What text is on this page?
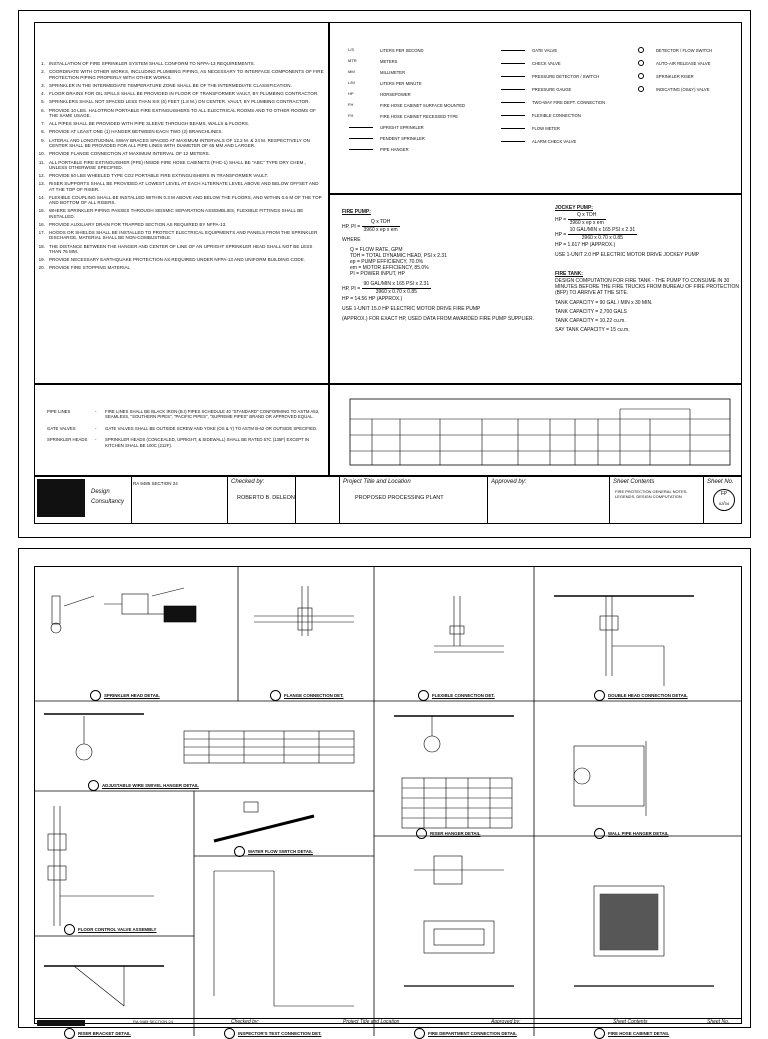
1. INSTALLATION OF FIRE SPRINKLER SYSTEM SHALL CONFORM TO NFPA-13 REQUIREMENTS.
2. COORDINATE WITH OTHER WORKS, INCLUDING PLUMBING PIPING, AS NECESSARY TO INTERFACE COMPONENTS OF FIRE PROTECTION PIPING PROPERLY WITH OTHER WORKS.
3. SPRINKLER IN THE INTERMEDIATE TEMPERATURE ZONE SHALL BE OF THE INTERMEDIATE CLASSIFICATION.
4. FLOOR DRAINS FOR OIL SPILLS SHALL BE PROVIDED IN FLOOR OF TRANSFORMER VAULT, BY PLUMBING CONTRACTOR.
5. SPRINKLERS SHALL NOT SPACED LESS THAN SIX (6) FEET (1.8 M.) ON CENTER. VAULT, BY PLUMBING CONTRACTOR.
6. PROVIDE 10 LBS. HALOTRON PORTABLE FIRE EXTINGUISHERS TO ALL ELECTRICAL ROOMS AND TO OTHER ROOMS OF THE SAME USAGE.
7. ALL PIPES SHALL BE PROVIDED WITH PIPE SLEEVE THROUGH BEAMS, WALLS & FLOORS.
8. PROVIDE AT LEAST ONE (1) HANGER BETWEEN EACH TWO (2) BRANCHLINES.
9. LATERAL AND LONGITUDINAL SWAY BRACES SPACED AT MAXIMUM INTERVALS OF 12.2 M. & 24 M. RESPECTIVELY ON CENTER SHALL BE PROVIDED FOR ALL PIPE LINES WITH DIAMETER OF 65 MM AND LARGER.
10. PROVIDE FLANGE CONNECTION AT MAXIMUM INTERVAL OF 12 METERS.
11. ALL PORTABLE FIRE EXTINGUISHER (PFE) INSIDE FIRE HOSE CABINETS (FHC-1) SHALL BE "ABC" TYPE DRY CHEM., UNLESS OTHERWISE SPECIFIED.
12. PROVIDE 50 LBS WHEELED TYPE CO2 PORTABLE FIRE EXTINGUISHERS IN TRANSFORMER VAULT.
13. RISER SUPPORTS SHALL BE PROVIDED AT LOWEST LEVEL AT EACH ALTERNATE LEVEL ABOVE AND BELOW OFFSET AND AT THE TOP OF RISER.
14. FLEXIBLE COUPLING SHALL BE INSTALLED WITHIN 0.3 M ABOVE AND BELOW THE FLOORS, AND WITHIN 0.6 M OF THE TOP AND BOTTOM OF ALL RISERS.
15. WHERE SPRINKLER PIPING PASSES THROUGH SEISMIC SEPARATION ASSEMBLIES, FLEXIBLE FITTINGS SHALL BE INSTALLED.
16. PROVIDE AUXILIARY DRAIN FOR TRAPPED SECTION AS REQUIRED BY NFPA-13.
17. HOODS OR SHIELDS SHALL BE INSTALLED TO PROTECT ELECTRICAL EQUIPMENTS AND PANELS FROM THE SPRINKLER DISCHARGE, MATERIAL SHALL BE NON-COMBUSTIBLE.
18. THE DISTANCE BETWEEN THE HANGER AND CENTER OF LINE OF AN UPRIGHT SPRINKLER HEAD SHALL NOT BE LESS THAN 76 MM.
19. PROVIDE NECESSARY EARTHQUAKE PROTECTION AS REQUIRED UNDER NFPA-13 AND UNIFORM BUILDING CODE.
20. PROVIDE FIRE STOPPING MATERIAL
L/S	LITERS PER SECOND
MTR	METERS
MM	MILLIMETER
L/M	LITERS PER MINUTE
HP	HORSEPOWER
FH	FIRE HOSE CABINET SURFACE MOUNTED
FH	FIRE HOSE CABINET RECESSED TYPE
UPRIGHT SPRINKLER
PENDENT SPRINKLER
PIPE HANGER
GATE VALVE
CHECK VALVE
PRESSURE DETECTOR / SWITCH
PRESSURE GAUGE
TWO-WAY FIRE DEPT. CONNECTION
FLEXIBLE CONNECTION
FLOW METER
ALARM CHECK VALVE
DETECTOR / FLOW SWITCH
AUTO-AIR RELEASE VALVE
SPRINKLER RISER
INDICATING (OS&Y) VALVE
FIRE PUMP:
HP, PI = $\frac{\text{Q x TDH}}{\text{3960 x ep x em}}$
WHERE
Q = FLOW RATE, GPM
TDH = TOTAL DYNAMIC HEAD, PSI x 2.31
ep = PUMP EFFICIENCY, 70.0%
em = MOTOR EFFICIENCY, 85.0%
PI = POWER INPUT, HP
HP, PI = $\frac{\text{90 GAL/MIN x 165 PSI x 2.31}}{3960 x 0.70 x 0.85}$
HP = 14.56 HP (APPROX.)
USE 1-UNIT 15.0 HP ELECTRIC MOTOR DRIVE FIRE PUMP
(APPROX.) FOR EXACT HP, USED DATA FROM AWARDED FIRE PUMP SUPPLIER.
JOCKEY PUMP:
HP = $\frac{\text{Q x TDH}}{\text{3960 x ep x em}}$
HP = $\frac{\text{10 GAL/MIN x 165 PSI x 2.31}}{3960 x 0.70 x 0.85}$
HP = 1.617 HP (APPROX.)
USE 1-UNIT 2.0 HP ELECTRIC MOTOR DRIVE JOCKEY PUMP
FIRE TANK:
DESIGN COMPUTATION FOR FIRE TANK - THE PUMP TO CONSUME IN 30 MINUTES BEFORE THE FIRE TRUCKS FROM BUREAU OF FIRE PROTECTION (BFP) TO ARRIVE AT THE SITE.
TANK CAPACITY = 90 GAL / MIN x 30 MIN.
TANK CAPACITY = 2,700 GALS
TANK CAPACITY = 10.22 cu.m.
SAY TANK CAPACITY = 15 cu.m.
PIPE LINES	-	FIRE LINES SHALL BE BLACK IRON (B.I) PIPES SCHEDULE 40 "STANDARD" CONFORMING TO ASTM A53, SEAMLESS, "SOUTHERN PIPES", "PACIFIC PIPES", "SUPREME PIPES" BRAND OR APPROVED EQUAL.
GATE VALVES	-	GATE VALVES SHALL BE OUTSIDE SCREW AND YOKE (OS & Y) TO ASTM B-62 OR OUTSIDE SPECIFIED.
SPRINKLER HEADS	-	SPRINKLER HEADS (CONCEALED, UPRIGHT, & SIDEWALL) SHALL BE RATED 57C (135F) EXCEPT IN KITCHEN SHALL BE 100C (212F).
Design
Consultancy
RA 9485 SECTION 24	Checked by:
ROBERTO B. DELEON
Project Title and Location
PROPOSED PROCESSING PLANT
Approved by:	Sheet Contents
FIRE PROTECTION GENERAL NOTES, LEGENDS, DESIGN COMPUTATION
Sheet No.
FP
02/04
SPRINKLER HEAD DETAIL	FLANGE CONNECTION DET.	FLEXIBLE CONNECTION DET.	DOUBLE HEAD CONNECTION DETAIL
ADJUSTABLE WIRE SWIVEL HANGER DETAIL
RISER HANGER DETAIL	WALL PIPE HANGER DETAIL
FLOOR CONTROL VALVE ASSEMBLY
WATER FLOW SWITCH DETAIL
RISER BRACKET DETAIL	INSPECTOR'S TEST CONNECTION DET.	FIRE DEPARTMENT CONNECTION DETAIL	FIRE HOSE CABINET DETAIL
RA 9485 SECTION 24	Checked by:	Project Title and Location	Approved by:	Sheet Contents	Sheet No.
